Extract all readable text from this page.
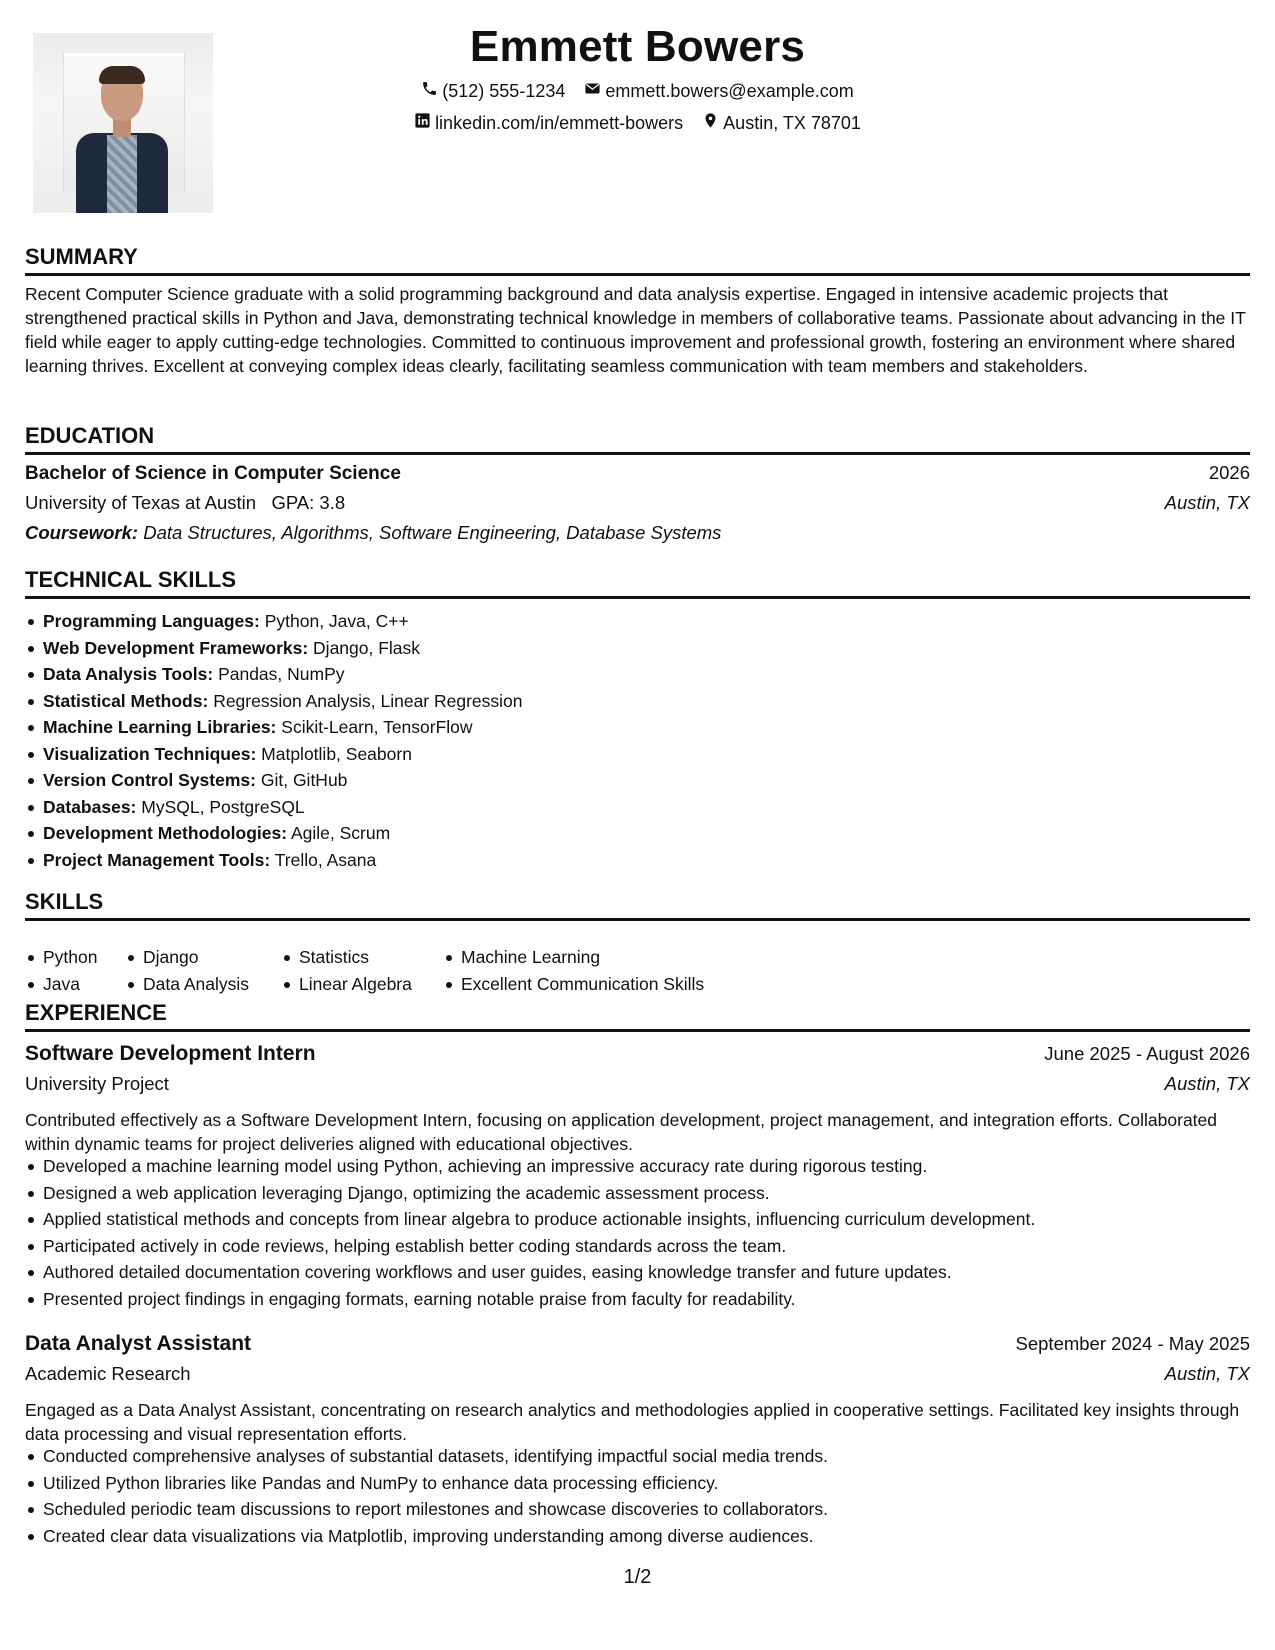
Emmett Bowers
(512) 555-1234
emmett.bowers@example.com
linkedin.com/in/emmett-bowers
Austin, TX 78701
SUMMARY
Recent Computer Science graduate with a solid programming background and data analysis expertise. Engaged in intensive academic projects that strengthened practical skills in Python and Java, demonstrating technical knowledge in members of collaborative teams. Passionate about advancing in the IT field while eager to apply cutting-edge technologies. Committed to continuous improvement and professional growth, fostering an environment where shared learning thrives. Excellent at conveying complex ideas clearly, facilitating seamless communication with team members and stakeholders.
EDUCATION
Bachelor of Science in Computer Science	2026
University of Texas at Austin GPA: 3.8	Austin, TX
Coursework: Data Structures, Algorithms, Software Engineering, Database Systems
TECHNICAL SKILLS
Programming Languages: Python, Java, C++
Web Development Frameworks: Django, Flask
Data Analysis Tools: Pandas, NumPy
Statistical Methods: Regression Analysis, Linear Regression
Machine Learning Libraries: Scikit-Learn, TensorFlow
Visualization Techniques: Matplotlib, Seaborn
Version Control Systems: Git, GitHub
Databases: MySQL, PostgreSQL
Development Methodologies: Agile, Scrum
Project Management Tools: Trello, Asana
SKILLS
Python
Java
Django
Data Analysis
Statistics
Linear Algebra
Machine Learning
Excellent Communication Skills
EXPERIENCE
Software Development Intern	June 2025 - August 2026
University Project	Austin, TX
Contributed effectively as a Software Development Intern, focusing on application development, project management, and integration efforts. Collaborated within dynamic teams for project deliveries aligned with educational objectives.
Developed a machine learning model using Python, achieving an impressive accuracy rate during rigorous testing.
Designed a web application leveraging Django, optimizing the academic assessment process.
Applied statistical methods and concepts from linear algebra to produce actionable insights, influencing curriculum development.
Participated actively in code reviews, helping establish better coding standards across the team.
Authored detailed documentation covering workflows and user guides, easing knowledge transfer and future updates.
Presented project findings in engaging formats, earning notable praise from faculty for readability.
Data Analyst Assistant	September 2024 - May 2025
Academic Research	Austin, TX
Engaged as a Data Analyst Assistant, concentrating on research analytics and methodologies applied in cooperative settings. Facilitated key insights through data processing and visual representation efforts.
Conducted comprehensive analyses of substantial datasets, identifying impactful social media trends.
Utilized Python libraries like Pandas and NumPy to enhance data processing efficiency.
Scheduled periodic team discussions to report milestones and showcase discoveries to collaborators.
Created clear data visualizations via Matplotlib, improving understanding among diverse audiences.
1/2
